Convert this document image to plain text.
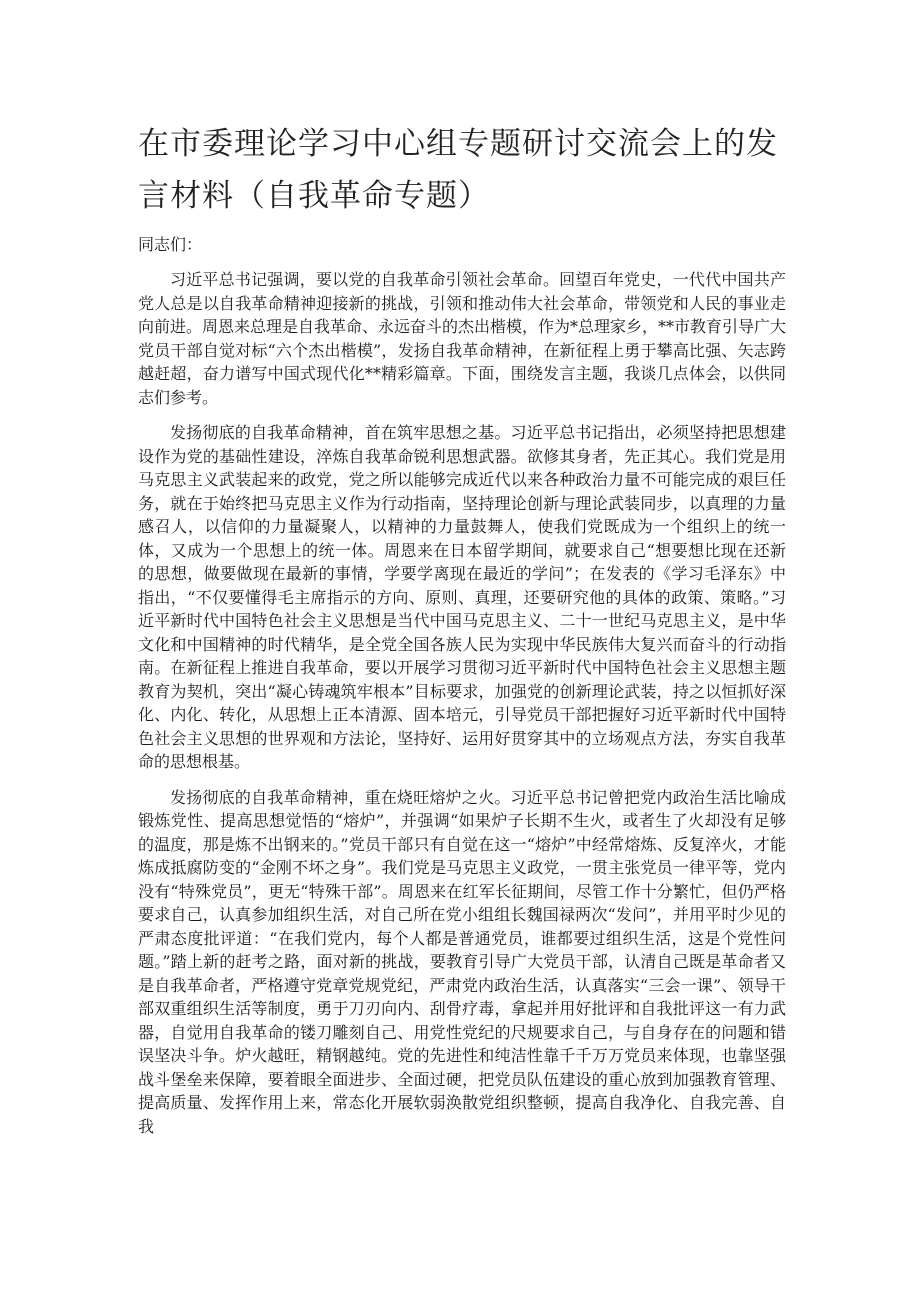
在市委理论学习中心组专题研讨交流会上的发言材料（自我革命专题）

同志们：

习近平总书记强调，要以党的自我革命引领社会革命。回望百年党史，一代代中国共产党人总是以自我革命精神迎接新的挑战，引领和推动伟大社会革命，带领党和人民的事业走向前进。周恩来总理是自我革命、永远奋斗的杰出楷模，作为*总理家乡，**市教育引导广大党员干部自觉对标“六个杰出楷模”，发扬自我革命精神，在新征程上勇于攀高比强、矢志跨越赶超，奋力谱写中国式现代化**精彩篇章。下面，围绕发言主题，我谈几点体会，以供同志们参考。

发扬彻底的自我革命精神，首在筑牢思想之基。习近平总书记指出，必须坚持把思想建设作为党的基础性建设，淬炼自我革命锐利思想武器。欲修其身者，先正其心。我们党是用马克思主义武装起来的政党，党之所以能够完成近代以来各种政治力量不可能完成的艰巨任务，就在于始终把马克思主义作为行动指南，坚持理论创新与理论武装同步，以真理的力量感召人，以信仰的力量凝聚人，以精神的力量鼓舞人，使我们党既成为一个组织上的统一体，又成为一个思想上的统一体。周恩来在日本留学期间，就要求自己“想要想比现在还新的思想，做要做现在最新的事情，学要学离现在最近的学问”；在发表的《学习毛泽东》中指出，“不仅要懂得毛主席指示的方向、原则、真理，还要研究他的具体的政策、策略。”习近平新时代中国特色社会主义思想是当代中国马克思主义、二十一世纪马克思主义，是中华文化和中国精神的时代精华，是全党全国各族人民为实现中华民族伟大复兴而奋斗的行动指南。在新征程上推进自我革命，要以开展学习贯彻习近平新时代中国特色社会主义思想主题教育为契机，突出“凝心铸魂筑牢根本”目标要求，加强党的创新理论武装，持之以恒抓好深化、内化、转化，从思想上正本清源、固本培元，引导党员干部把握好习近平新时代中国特色社会主义思想的世界观和方法论，坚持好、运用好贯穿其中的立场观点方法，夯实自我革命的思想根基。

发扬彻底的自我革命精神，重在烧旺熔炉之火。习近平总书记曾把党内政治生活比喻成锻炼党性、提高思想觉悟的“熔炉”，并强调“如果炉子长期不生火，或者生了火却没有足够的温度，那是炼不出钢来的。”党员干部只有自觉在这一“熔炉”中经常熔炼、反复淬火，才能炼成抵腐防变的“金刚不坏之身”。我们党是马克思主义政党，一贯主张党员一律平等，党内没有“特殊党员”，更无“特殊干部”。周恩来在红军长征期间，尽管工作十分繁忙，但仍严格要求自己，认真参加组织生活，对自己所在党小组组长魏国禄两次“发问”，并用平时少见的严肃态度批评道：“在我们党内，每个人都是普通党员，谁都要过组织生活，这是个党性问题。”踏上新的赶考之路，面对新的挑战，要教育引导广大党员干部，认清自己既是革命者又是自我革命者，严格遵守党章党规党纪，严肃党内政治生活，认真落实“三会一课”、领导干部双重组织生活等制度，勇于刀刃向内、刮骨疗毒，拿起并用好批评和自我批评这一有力武器，自觉用自我革命的镂刀雕刻自己、用党性党纪的尺规要求自己，与自身存在的问题和错误坚决斗争。炉火越旺，精钢越纯。党的先进性和纯洁性靠千千万万党员来体现，也靠坚强战斗堡垒来保障，要着眼全面进步、全面过硬，把党员队伍建设的重心放到加强教育管理、提高质量、发挥作用上来，常态化开展软弱涣散党组织整顿，提高自我净化、自我完善、自我
